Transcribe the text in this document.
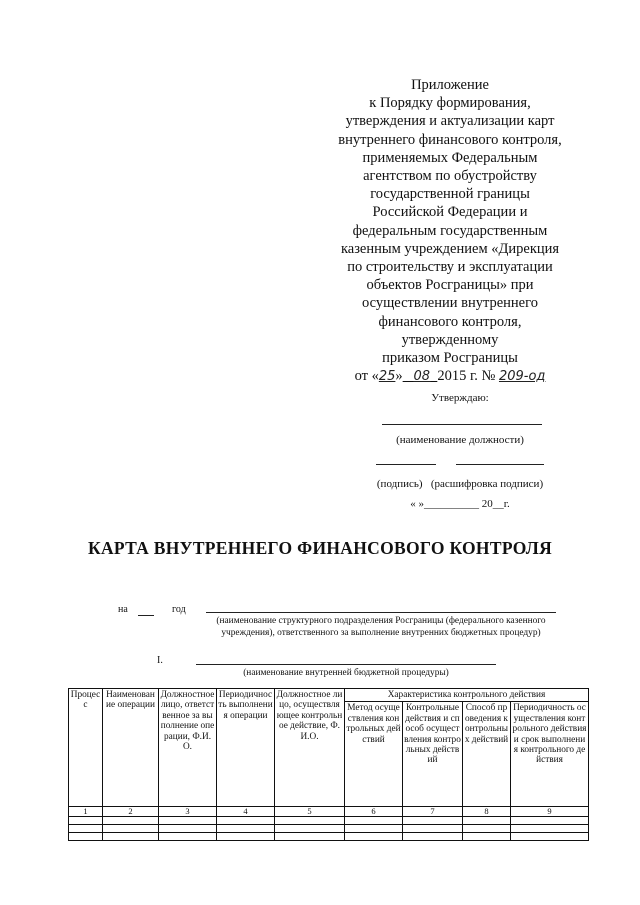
Приложение
к Порядку формирования,
утверждения и актуализации карт
внутреннего финансового контроля,
применяемых Федеральным
агентством по обустройству
государственной границы
Российской Федерации и
федеральным государственным
казенным учреждением «Дирекция
по строительству и эксплуатации
объектов Росграницы» при
осуществлении внутреннего
финансового контроля,
утвержденному
приказом Росграницы
от «25» 08 2015 г. № 209-од
Утверждаю:
(наименование должности)
(подпись) (расшифровка подписи)
« »__________ 20__г.
КАРТА ВНУТРЕННЕГО ФИНАНСОВОГО КОНТРОЛЯ
на	год
(наименование структурного подразделения Росграницы (федерального казенного
учреждения), ответственного за выполнение внутренних бюджетных процедур)
I.
(наименование внутренней бюджетной процедуры)
Процесс	Наименование операции	Должностное лицо, ответственное за выполнение операции, Ф.И.О.	Периодичность выполнения операции	Должностное лицо, осуществляющее контрольное действие, Ф.И.О.	Характеристика контрольного действия			
					Метод осуществления контрольных действий	Контрольные действия и способ осуществления контрольных действий	Способ проведения контрольных действий	Периодичность осуществления контрольного действия и срок выполнения контрольного действия
1	2	3	4	5	6	7	8	9
